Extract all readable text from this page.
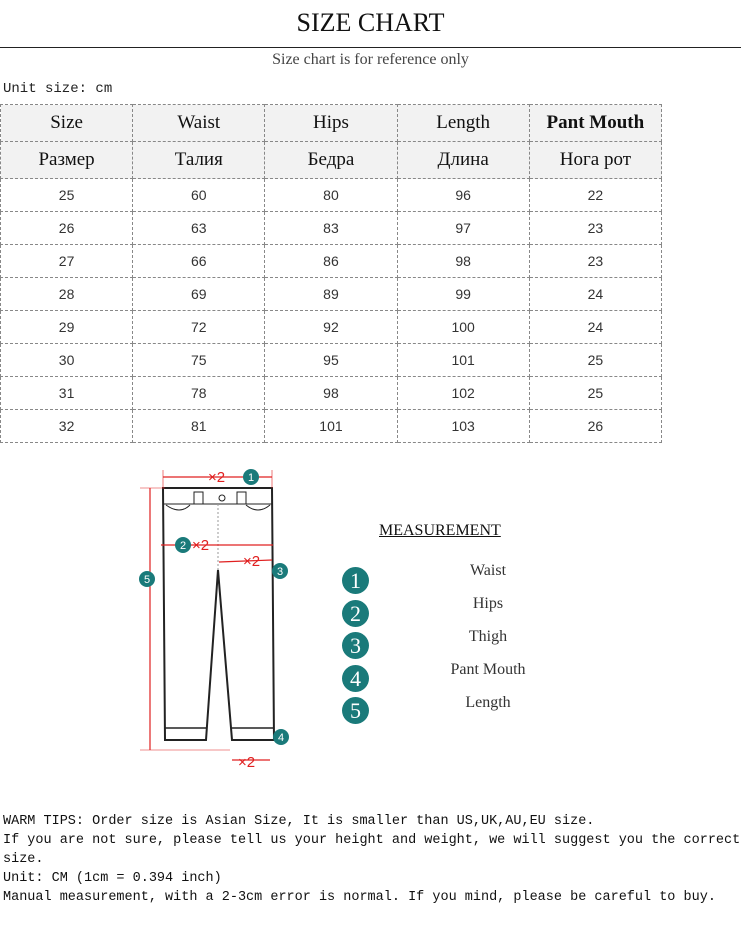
SIZE CHART
Size chart is for reference only
Unit size: cm
Size	Waist	Hips	Length	Pant Mouth
Размер	Талия	Бедра	Длина	Нога рот
25	60	80	96	22
26	63	83	97	23
27	66	86	98	23
28	69	89	99	24
29	72	92	100	24
30	75	95	101	25
31	78	98	102	25
32	81	101	103	26
×2
×2
×2
×2
1
2
3
4
5
MEASUREMENT
1	Waist
2	Hips
3	Thigh
4	Pant Mouth
5	Length
WARM TIPS: Order size is Asian Size, It is smaller than US,UK,AU,EU size.
If you are not sure, please tell us your height and weight, we will suggest you the correct size.
Unit: CM (1cm = 0.394 inch)
Manual measurement, with a 2-3cm error is normal. If you mind, please be careful to buy.
